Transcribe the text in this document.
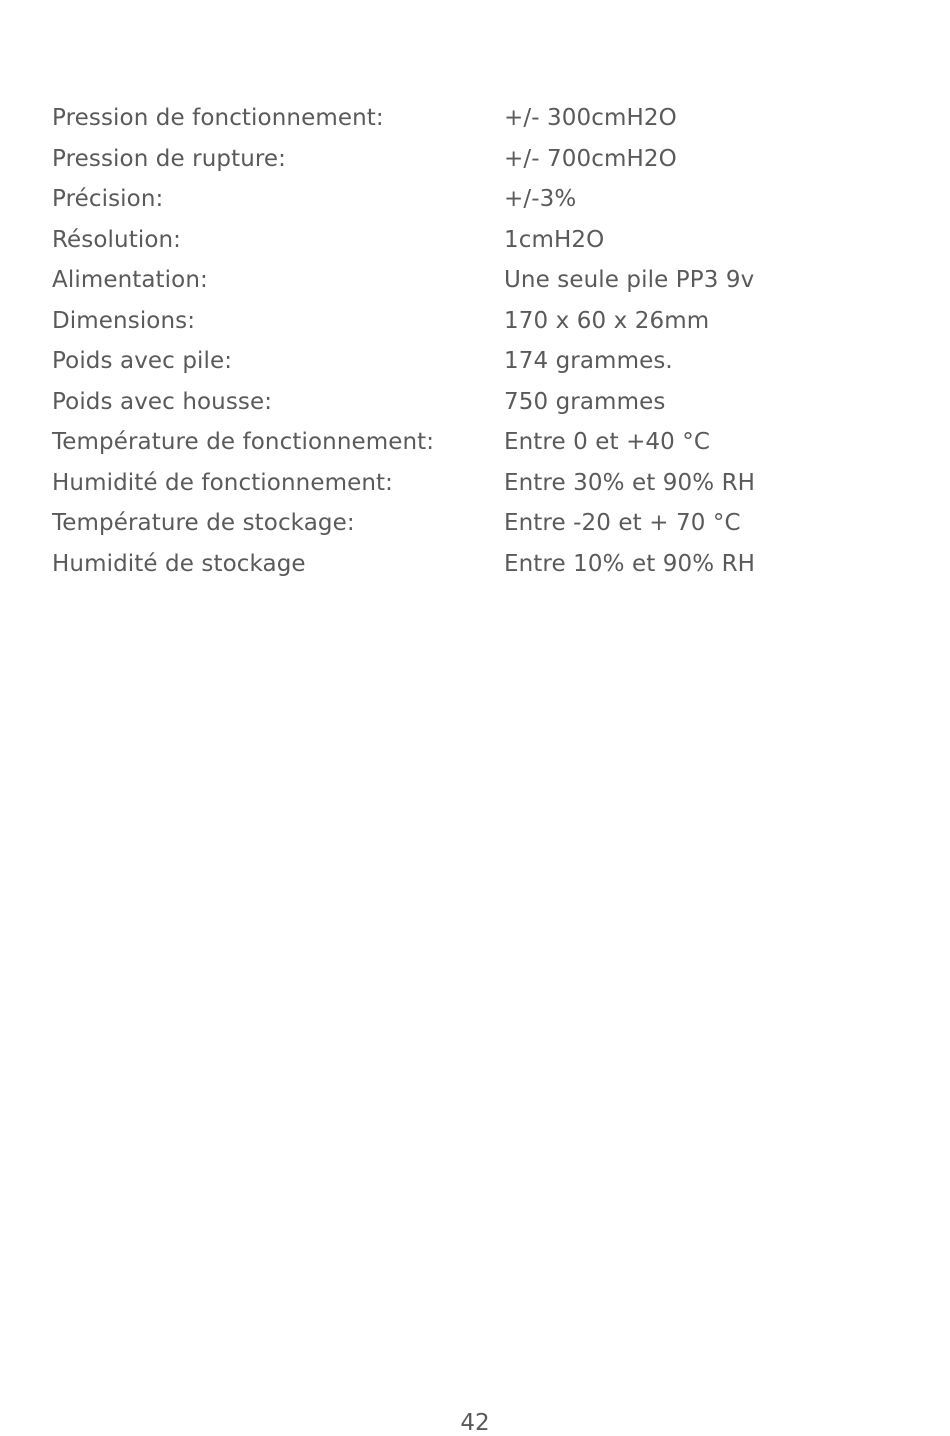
Pression de fonctionnement:	+/- 300cmH2O
Pression de rupture:	+/- 700cmH2O
Précision:	+/-3%
Résolution:	1cmH2O
Alimentation:	Une seule pile PP3 9v
Dimensions:	170 x 60 x 26mm
Poids avec pile:	174 grammes.
Poids avec housse:	750 grammes
Température de fonctionnement:	Entre 0 et +40 °C
Humidité de fonctionnement:	Entre 30% et 90% RH
Température de stockage:	Entre -20 et + 70 °C
Humidité de stockage	Entre 10% et 90% RH
42
